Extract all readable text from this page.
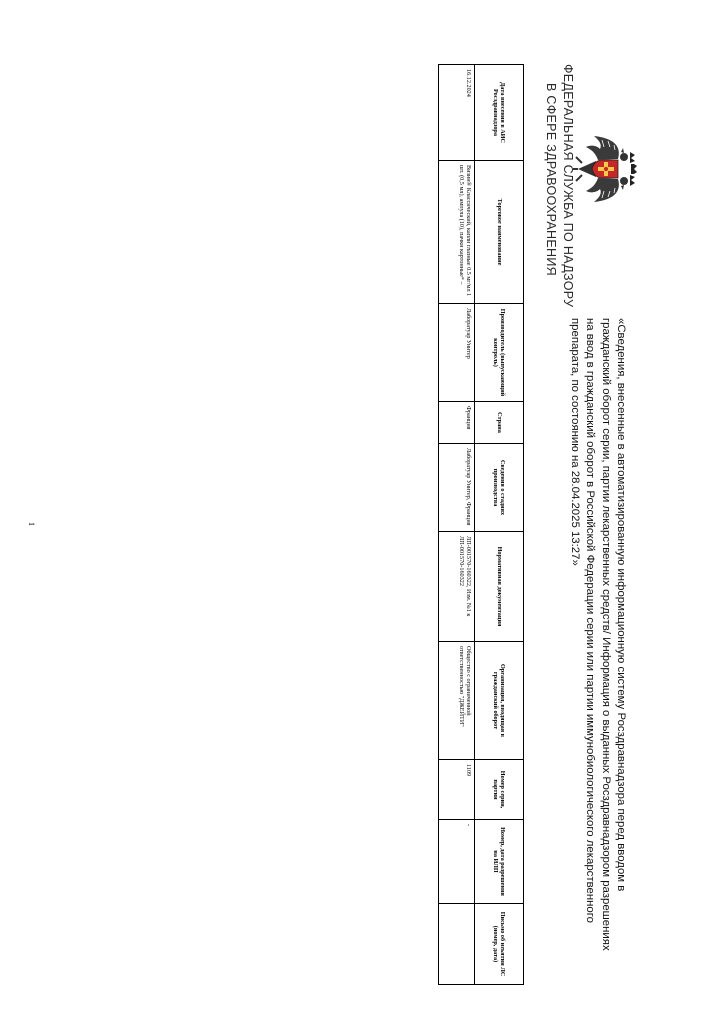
ФЕДЕРАЛЬНАЯ СЛУЖБА ПО НАДЗОРУ
В СФЕРЕ ЗДРАВООХРАНЕНИЯ
«Сведения, внесенные в автоматизированную информационную систему Росздравнадзора перед вводом в
гражданский оборот серии, партии лекарственных средств/ Информация о выданных Росздравнадзором разрешениях
на ввод в гражданский оборот в Российской Федерации серии или партии иммунобиологического лекарственного
препарата, по состоянию на 28.04.2025 13:27»
Дата внесения в АИС Росздравнадзора	Торговое наименование	Производитель (выпускающий контроль)	Страна	Сведения о стадиях производства	Нормативная документация	Организация, вводящая в гражданский оборот	Номер серии, партии	Номер, дата разрешения на ИЛП	Письмо об изъятии ЛС (номер, дата)
16.12.2024	Визин® Классический, капли глазные 0.5 мг/мл 1 шт. (0,5 мл), ампула (10), пачки картонные* –	Лаборатуар Унитер	Франция	Лаборатуар Унитер, Франция	ЛП-001570-160322, Изм. №1 к ЛП-001570-160322	Общество с ограниченной ответственностью "ДЖЕЙТИ"	1109	-	
1
